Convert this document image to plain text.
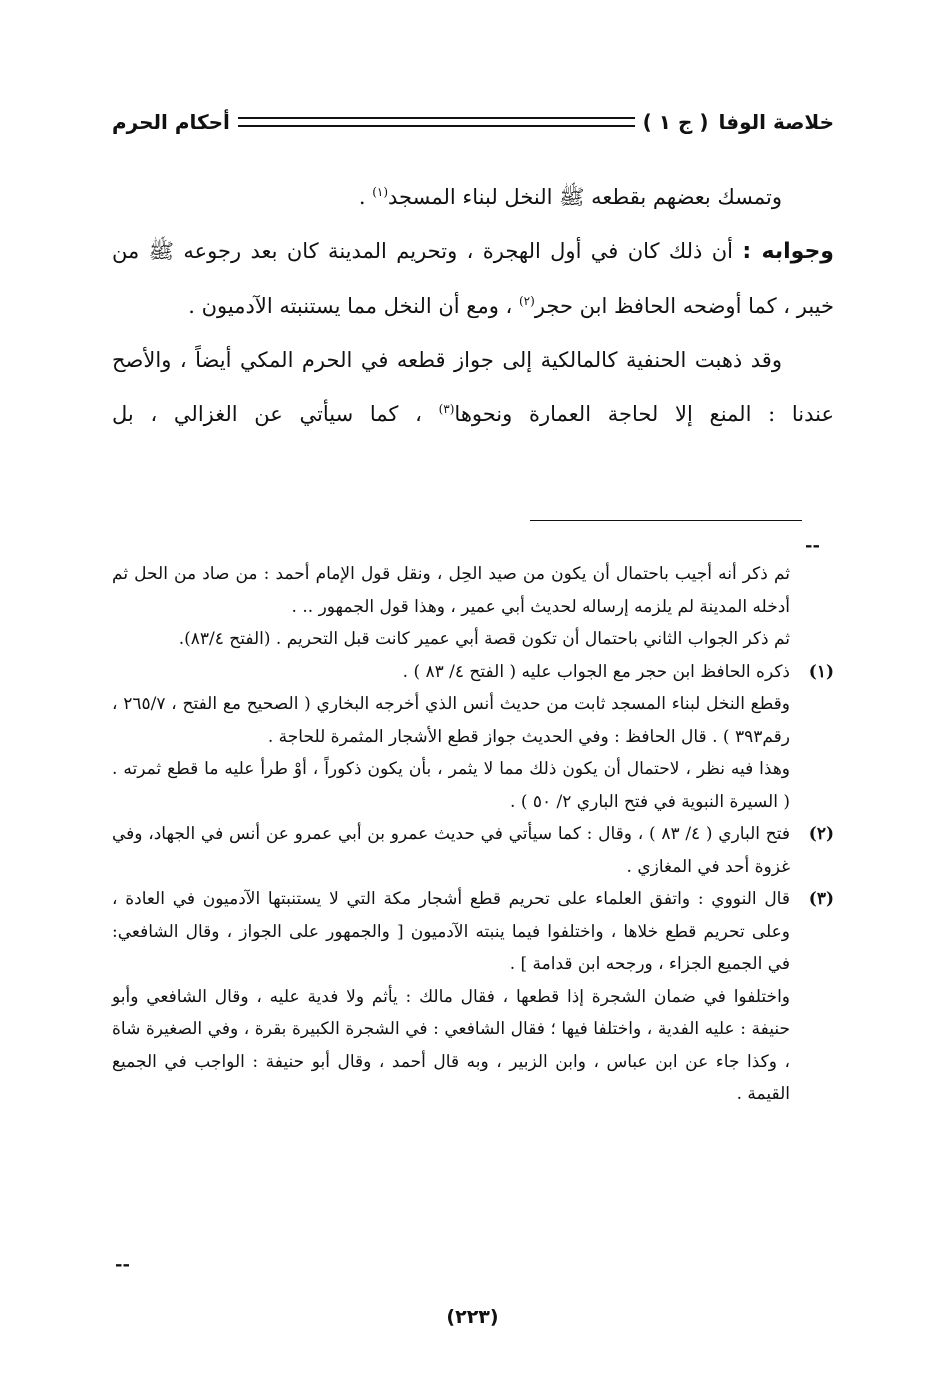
خلاصة الوفا
( ج ١ )
أحكام الحرم

وتمسك بعضهم بقطعه ﷺ النخل لبناء المسجد$^{(١)}$ .

وجوابه : أن ذلك كان في أول الهجرة ، وتحريم المدينة كان بعد رجوعه ﷺ من خيبر ، كما أوضحه الحافظ ابن حجر$^{(٢)}$ ، ومع أن النخل مما يستنبته الآدميون .

وقد ذهبت الحنفية كالمالكية إلى جواز قطعه في الحرم المكي أيضاً ، والأصح عندنا : المنع إلا لحاجة العمارة ونحوها$^{(٣)}$ ، كما سيأتي عن الغزالي ، بل

--

ثم ذكر أنه أجيب باحتمال أن يكون من صيد الحِل ، ونقل قول الإمام أحمد : من صاد من الحل ثم أدخله المدينة لم يلزمه إرساله لحديث أبي عمير ، وهذا قول الجمهور .. .

ثم ذكر الجواب الثاني باحتمال أن تكون قصة أبي عمير كانت قبل التحريم . (الفتح ٨٣/٤).

(١)
ذكره الحافظ ابن حجر مع الجواب عليه ( الفتح ٤/ ٨٣ ) .

وقطع النخل لبناء المسجد ثابت من حديث أنس الذي أخرجه البخاري ( الصحيح مع الفتح ، ٢٦٥/٧ ، رقم٣٩٣ ) . قال الحافظ : وفي الحديث جواز قطع الأشجار المثمرة للحاجة .

وهذا فيه نظر ، لاحتمال أن يكون ذلك مما لا يثمر ، بأن يكون ذكوراً ، أوْ طرأ عليه ما قطع ثمرته . ( السيرة النبوية في فتح الباري ٢/ ٥٠ ) .

(٢)
فتح الباري ( ٤/ ٨٣ ) ، وقال : كما سيأتي في حديث عمرو بن أبي عمرو عن أنس في الجهاد، وفي غزوة أحد في المغازي .

(٣)
قال النووي : واتفق العلماء على تحريم قطع أشجار مكة التي لا يستنبتها الآدميون في العادة ، وعلى تحريم قطع خلاها ، واختلفوا فيما ينبته الآدميون [ والجمهور على الجواز ، وقال الشافعي: في الجميع الجزاء ، ورجحه ابن قدامة ] .

واختلفوا في ضمان الشجرة إذا قطعها ، فقال مالك : يأثم ولا فدية عليه ، وقال الشافعي وأبو حنيفة : عليه الفدية ، واختلفا فيها ؛ فقال الشافعي : في الشجرة الكبيرة بقرة ، وفي الصغيرة شاة ، وكذا جاء عن ابن عباس ، وابن الزبير ، وبه قال أحمد ، وقال أبو حنيفة : الواجب في الجميع القيمة .

--
(٢٢٣)
